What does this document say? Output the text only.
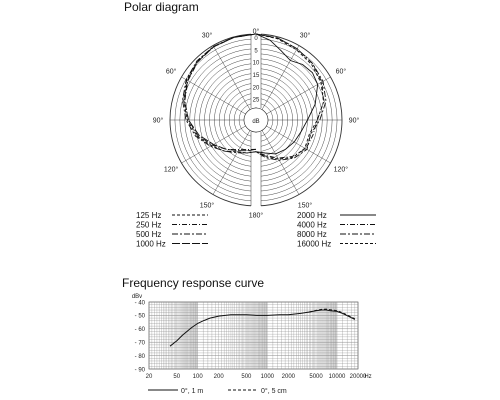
Polar diagram
Frequency response curve
0
5
10
15
20
25
dB
0°
30°
30°
60°
60°
90°
90°
120°
120°
150°
150°
180°
125 Hz
250 Hz
500 Hz
1000 Hz
2000 Hz
4000 Hz
8000 Hz
16000 Hz
- 40
- 50
- 60
- 70
- 80
- 90
dBv
20	50 100 200	500 1000 2000 5000 10000 20000
Hz
0°, 1 m	0°, 5 cm
